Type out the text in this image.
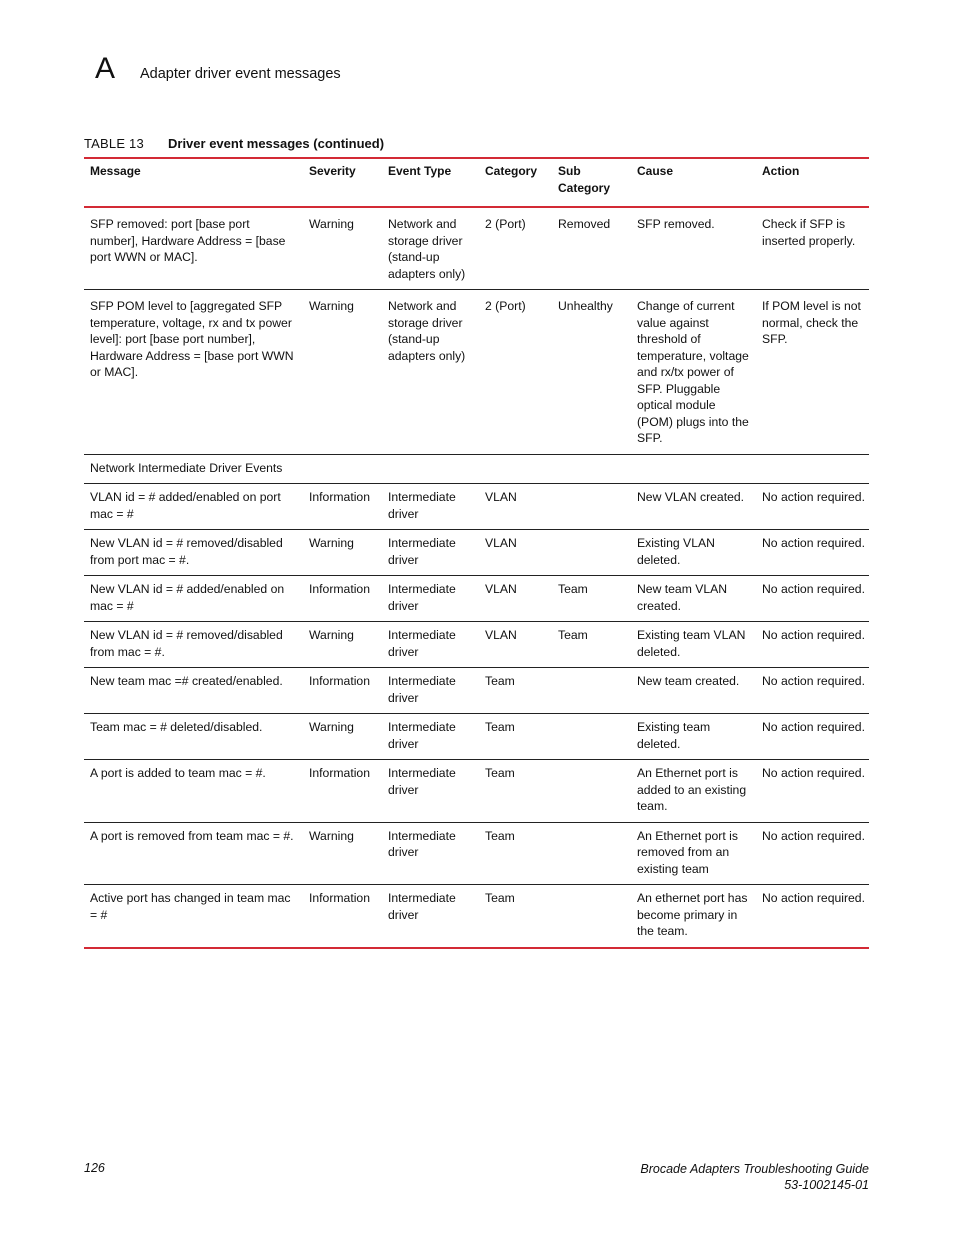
A Adapter driver event messages
TABLE 13 Driver event messages (continued)
Message	Severity	Event Type	Category	Sub Category	Cause	Action
SFP removed: port [base port number], Hardware Address = [base port WWN or MAC].	Warning	Network and storage driver (stand-up adapters only)	2 (Port)	Removed	SFP removed.	Check if SFP is inserted properly.
SFP POM level to [aggregated SFP temperature, voltage, rx and tx power level]: port [base port number], Hardware Address = [base port WWN or MAC].	Warning	Network and storage driver (stand-up adapters only)	2 (Port)	Unhealthy	Change of current value against threshold of temperature, voltage and rx/tx power of SFP. Pluggable optical module (POM) plugs into the SFP.	If POM level is not normal, check the SFP.
Network Intermediate Driver Events						
VLAN id = # added/enabled on port mac = #	Information	Intermediate driver	VLAN		New VLAN created.	No action required.
New VLAN id = # removed/disabled from port mac = #.	Warning	Intermediate driver	VLAN		Existing VLAN deleted.	No action required.
New VLAN id = # added/enabled on mac = #	Information	Intermediate driver	VLAN	Team	New team VLAN created.	No action required.
New VLAN id = # removed/disabled from mac = #.	Warning	Intermediate driver	VLAN	Team	Existing team VLAN deleted.	No action required.
New team mac =# created/enabled.	Information	Intermediate driver	Team		New team created.	No action required.
Team mac = # deleted/disabled.	Warning	Intermediate driver	Team		Existing team deleted.	No action required.
A port is added to team mac = #.	Information	Intermediate driver	Team		An Ethernet port is added to an existing team.	No action required.
A port is removed from team mac = #.	Warning	Intermediate driver	Team		An Ethernet port is removed from an existing team	No action required.
Active port has changed in team mac = #	Information	Intermediate driver	Team		An ethernet port has become primary in the team.	No action required.
126	Brocade Adapters Troubleshooting Guide
53-1002145-01
